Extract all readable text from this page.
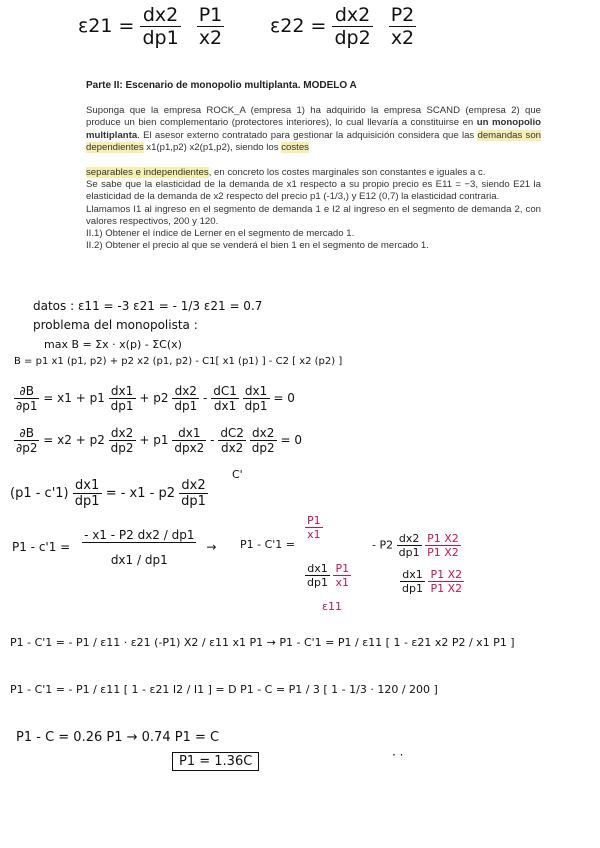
$\varepsilon 21 = \frac{dx2}{dp1}$
$\frac{P1}{x2} \varepsilon 22 = \frac{dx2}{dp2}$
$\frac{P2}{x2}$

Parte II: Escenario de monopolio multiplanta. MODELO A

Suponga que la empresa ROCK_A (empresa 1) ha adquirido la empresa SCAND (empresa 2) que produce un bien complementario (protectores interiores), lo cual llevaría a constituirse en un monopolio multiplanta. El asesor externo contratado para gestionar la adquisición considera que las demandas son dependientes x1(p1,p2) x2(p1,p2), siendo los costes

separables e independientes, en concreto los costes marginales son constantes e iguales a c.

Se sabe que la elasticidad de la demanda de x1 respecto a su propio precio es E11 = −3, siendo E21 la elasticidad de la demanda de x2 respecto del precio p1 (-1/3,) y E12 (0,7) la elasticidad contraria.

Llamamos I1 al ingreso en el segmento de demanda 1 e I2 al ingreso en el segmento de demanda 2, con valores respectivos, 200 y 120.

II.1) Obtener el índice de Lerner en el segmento de mercado 1.

II.2) Obtener el precio al que se venderá el bien 1 en el segmento de mercado 1.

datos : ε11 = -3 ε21 = - 1/3 ε21 = 0.7
problema del monopolista :
max B = Σx · x(p) - ΣC(x)
B = p1 x1 (p1, p2) + p2 x2 (p1, p2) - C1[ x1 (p1) ] - C2 [ x2 (p2) ]
$\frac{\partial B}{\partial p1} = x1 + p1 \frac{dx1}{dp1} + p2 \frac{dx2}{dp1} - \frac{dC1}{dx1}$
$\frac{dx1}{dp1} = 0$
$\frac{\partial B}{\partial p2} = x2 + p2 \frac{dx2}{dp2} + p1 \frac{dx1}{\text{dpx2}} - \frac{dC2}{dx2}$
$\frac{dx2}{dp2} = 0$
C'
$(p1 - c'1) \frac{dx1}{dp1}$ = - $x1 - p2 \frac{dx2}{dp1}$
$P1 - c'1 = \frac{- x1 - P2 dx2 / dp1}{dx1 / dp1} \to P1 - C'1$ =
$\frac{P1}{x1}$
$\frac{dx1}{dp1}$
$\frac{P1}{x1}$
ε11
- $P2 \frac{dx2}{dp1}$
$\frac{P1 X2}{P1 X2}$
$\frac{dx1}{dp1}$
$\frac{P1 X2}{P1 X2}$
P1 - C'1 = - P1 / ε11 · ε21 (-P1) X2 / ε11 x1 P1 → P1 - C'1 = P1 / ε11 [ 1 - ε21 x2 P2 / x1 P1 ]
P1 - C'1 = - P1 / ε11 [ 1 - ε21 I2 / I1 ] = D P1 - C = P1 / 3 [ 1 - 1/3 · 120 / 200 ]
P1 - C = 0.26 P1 → 0.74 P1 = C
P1 = 1.36C	· ·
